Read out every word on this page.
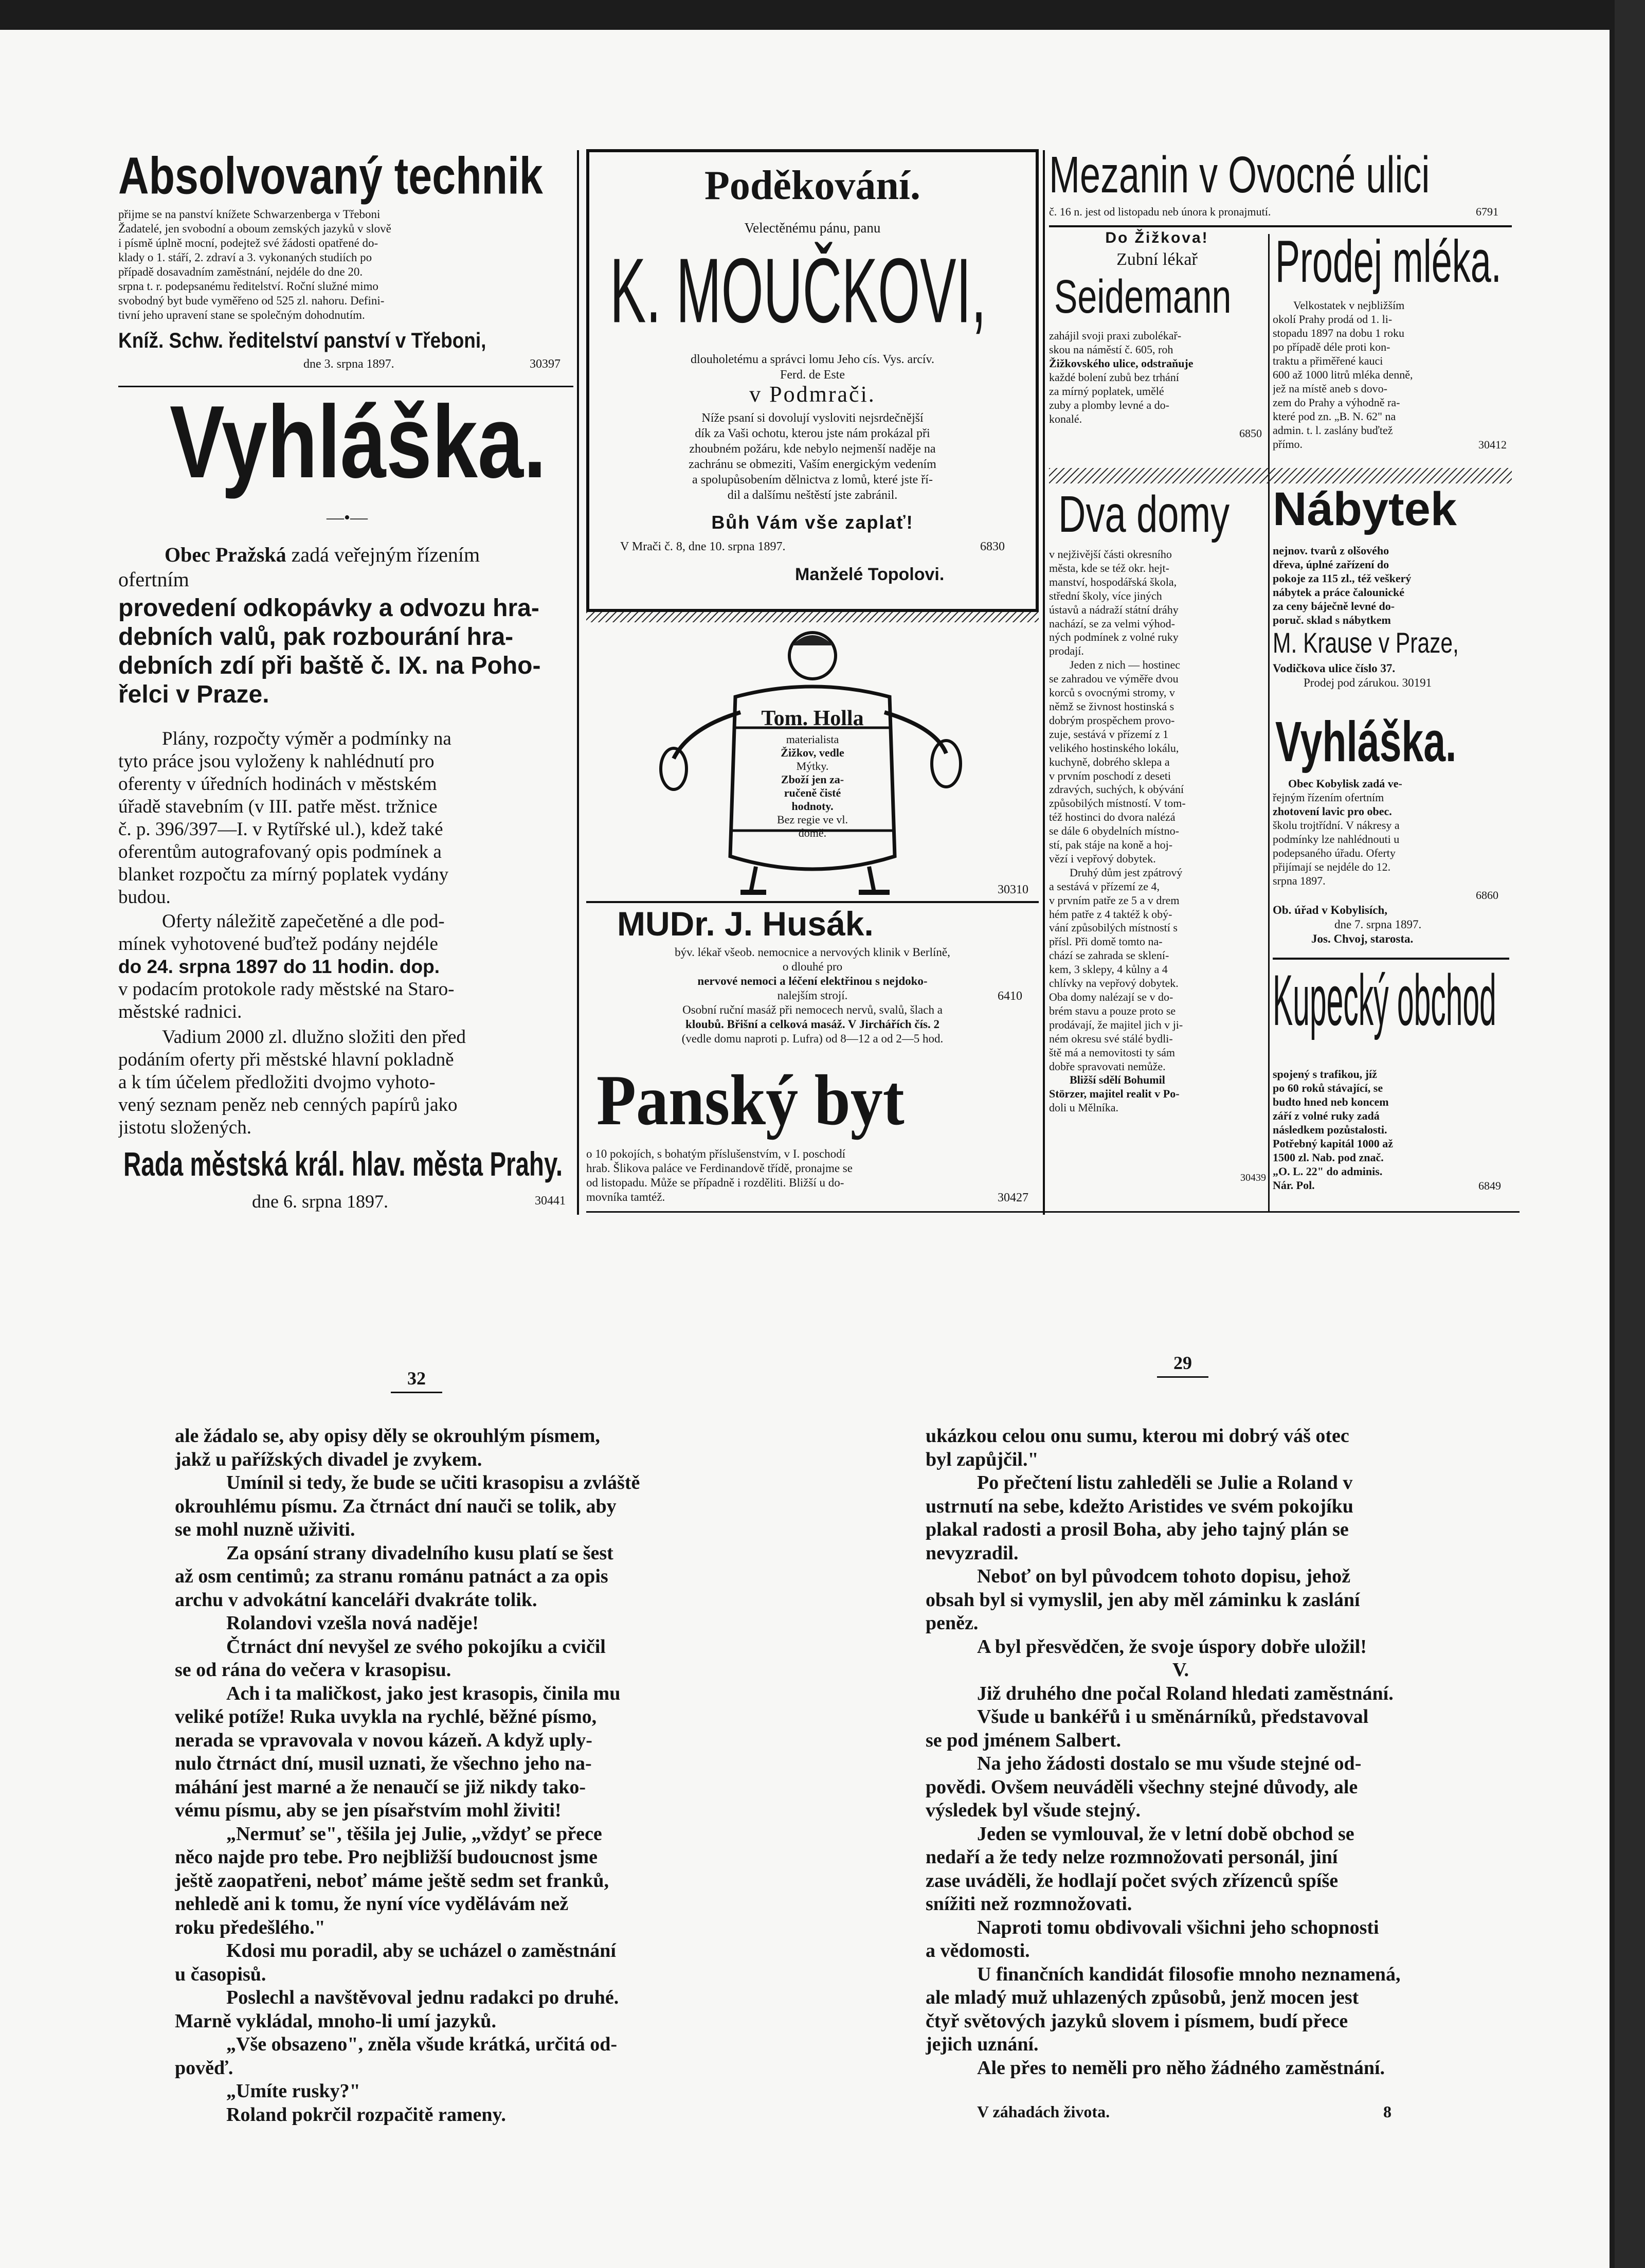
Absolvovaný technik
přijme se na panství knížete Schwarzenberga v Třeboni
Žadatelé, jen svobodní a oboum zemských jazyků v slově
i písmě úplně mocní, podejtež své žádosti opatřené do-
klady o 1. stáří, 2. zdraví a 3. vykonaných studiích po
případě dosavadním zaměstnání, nejdéle do dne 20.
srpna t. r. podepsanému ředitelství. Roční služné mimo
svobodný byt bude vyměřeno od 525 zl. nahoru. Defini-
tivní jeho upravení stane se společným dohodnutím.
Kníž. Schw. ředitelství panství v Třeboni,
dne 3. srpna 1897.	30397
Vyhláška.
—•—
Obec Pražská zadá veřejným řízením
ofertním
provedení odkopávky a odvozu hra-
debních valů, pak rozbourání hra-
debních zdí při baště č. IX. na Poho-
řelci v Praze.
Plány, rozpočty výměr a podmínky na
tyto práce jsou vyloženy k nahlédnutí pro
oferenty v úředních hodinách v městském
úřadě stavebním (v III. patře měst. tržnice
č. p. 396/397—I. v Rytířské ul.), kdež také
oferentům autografovaný opis podmínek a
blanket rozpočtu za mírný poplatek vydány
budou.
Oferty náležitě zapečetěné a dle pod-
mínek vyhotovené buďtež podány nejdéle
do 24. srpna 1897 do 11 hodin. dop.
v podacím protokole rady městské na Staro-
městské radnici.
Vadium 2000 zl. dlužno složiti den před
podáním oferty při městské hlavní pokladně
a k tím účelem předložiti dvojmo vyhoto-
vený seznam peněz neb cenných papírů jako
jistotu složených.
Rada městská král. hlav. města Prahy.
dne 6. srpna 1897.	30441
Poděkování.
Velectěnému pánu, panu
K. MOUČKOVI,
dlouholetému a správci lomu Jeho cís. Vys. arcív.
Ferd. de Este
v Podmrači.
Níže psaní si dovolují vysloviti nejsrdečnější
dík za Vaši ochotu, kterou jste nám prokázal při
zhoubném požáru, kde nebylo nejmenší naděje na
zachránu se obmeziti, Vaším energickým vedením
a spolupůsobením dělnictva z lomů, které jste ří-
dil a dalšímu neštěstí jste zabránil.
Bůh Vám vše zaplať!
V Mrači č. 8, dne 10. srpna 1897.	6830
Manželé Topolovi.
Tom. Holla
materialista
Žižkov, vedle
Mýtky.
Zboží jen za-
ručeně čisté
hodnoty.
Bez regie ve vl.
domě.
30310
MUDr. J. Husák.
býv. lékař všeob. nemocnice a nervových klinik v Berlíně,
o dlouhé pro
nervové nemoci a léčení elektřinou s nejdoko-
nalejším strojí.
Osobní ruční masáž při nemocech nervů, svalů, šlach a
kloubů. Břišní a celková masáž. V Jirchářích čís. 2
(vedle domu naproti p. Lufra) od 8—12 a od 2—5 hod.
6410
Panský byt
o 10 pokojích, s bohatým příslušenstvím, v I. poschodí
hrab. Šlikova paláce ve Ferdinandově třídě, pronajme se
od listopadu. Může se případně i rozděliti. Bližší u do-
movníka tamtéž.	30427
Mezanin v Ovocné ulici
č. 16 n. jest od listopadu neb února k pronajmutí.	6791
Do Žižkova!
Zubní lékař
Seidemann
zahájil svoji praxi zubolékař-
skou na náměstí č. 605, roh
Žižkovského ulice, odstraňuje
každé bolení zubů bez trhání
za mírný poplatek, umělé
zuby a plomby levné a do-
konalé.
6850
Prodej mléka.
Velkostatek v nejbližším
okolí Prahy prodá od 1. li-
stopadu 1897 na dobu 1 roku
po případě déle proti kon-
traktu a přiměřené kauci
600 až 1000 litrů mléka denně,
jež na místě aneb s dovo-
zem do Prahy a výhodně ra-
které pod zn. „B. N. 62" na
admin. t. l. zaslány buďtež
přímo.	30412
Dva domy
v nejživější části okresního
města, kde se též okr. hejt-
manství, hospodářská škola,
střední školy, více jiných
ústavů a nádraží státní dráhy
nachází, se za velmi výhod-
ných podmínek z volné ruky
prodají.
Jeden z nich — hostinec
se zahradou ve výměře dvou
korců s ovocnými stromy, v
němž se živnost hostinská s
dobrým prospěchem provo-
zuje, sestává v přízemí z 1
velikého hostinského lokálu,
kuchyně, dobrého sklepa a
v prvním poschodí z deseti
zdravých, suchých, k obývání
způsobilých místností. V tom-
též hostinci do dvora nalézá
se dále 6 obydelních místno-
stí, pak stáje na koně a hoj-
vězí i vepřový dobytek.
Druhý dům jest zpátrový
a sestává v přízemí ze 4,
v prvním patře ze 5 a v drem
hém patře z 4 taktéž k obý-
vání způsobilých místností s
přísl. Při domě tomto na-
chází se zahrada se sklení-
kem, 3 sklepy, 4 kůlny a 4
chlívky na vepřový dobytek.
Oba domy nalézají se v do-
brém stavu a pouze proto se
prodávají, že majitel jich v ji-
ném okresu své stálé bydli-
ště má a nemovitosti ty sám
dobře spravovati nemůže.
Bližší sdělí Bohumil
Störzer, majitel realit v Po-
doli u Mělníka.
30439
Nábytek
nejnov. tvarů z olšového
dřeva, úplné zařízení do
pokoje za 115 zl., též veškerý
nábytek a práce čalounické
za ceny báječně levné do-
poruč. sklad s nábytkem
M. Krause v Praze,
Vodičkova ulice číslo 37.
Prodej pod zárukou. 30191
Vyhláška.
Obec Kobylisk zadá ve-
řejným řízením ofertním
zhotovení lavic pro obec.
školu trojtřídní. V nákresy a
podmínky lze nahlédnouti u
podepsaného úřadu. Oferty
přijímají se nejdéle do 12.
srpna 1897.
6860
Ob. úřad v Kobylisích,
dne 7. srpna 1897.
Jos. Chvoj, starosta.
Kupecký obchod
spojený s trafikou, jíž
po 60 roků stávající, se
budto hned neb koncem
září z volné ruky zadá
následkem pozůstalosti.
Potřebný kapitál 1000 až
1500 zl. Nab. pod znač.
„O. L. 22" do adminis.
Nár. Pol.	6849
32
ale žádalo se, aby opisy děly se okrouhlým písmem,
jakž u pařížských divadel je zvykem.
Umínil si tedy, že bude se učiti krasopisu a zvláště
okrouhlému písmu. Za čtrnáct dní nauči se tolik, aby
se mohl nuzně uživiti.
Za opsání strany divadelního kusu platí se šest
až osm centimů; za stranu románu patnáct a za opis
archu v advokátní kanceláři dvakráte tolik.
Rolandovi vzešla nová naděje!
Čtrnáct dní nevyšel ze svého pokojíku a cvičil
se od rána do večera v krasopisu.
Ach i ta maličkost, jako jest krasopis, činila mu
veliké potíže! Ruka uvykla na rychlé, běžné písmo,
nerada se vpravovala v novou kázeň. A když uply-
nulo čtrnáct dní, musil uznati, že všechno jeho na-
máhání jest marné a že nenaučí se již nikdy tako-
vému písmu, aby se jen písařstvím mohl živiti!
„Nermuť se", těšila jej Julie, „vždyť se přece
něco najde pro tebe. Pro nejbližší budoucnost jsme
ještě zaopatřeni, neboť máme ještě sedm set franků,
nehledě ani k tomu, že nyní více vydělávám než
roku předešlého."
Kdosi mu poradil, aby se ucházel o zaměstnání
u časopisů.
Poslechl a navštěvoval jednu radakci po druhé.
Marně vykládal, mnoho-li umí jazyků.
„Vše obsazeno", zněla všude krátká, určitá od-
pověď.
„Umíte rusky?"
Roland pokrčil rozpačitě rameny.
29
ukázkou celou onu sumu, kterou mi dobrý váš otec
byl zapůjčil."
Po přečtení listu zahleděli se Julie a Roland v
ustrnutí na sebe, kdežto Aristides ve svém pokojíku
plakal radosti a prosil Boha, aby jeho tajný plán se
nevyzradil.
Neboť on byl původcem tohoto dopisu, jehož
obsah byl si vymyslil, jen aby měl záminku k zaslání
peněz.
A byl přesvědčen, že svoje úspory dobře uložil!
V.
Již druhého dne počal Roland hledati zaměstnání.
Všude u bankéřů i u směnárníků, představoval
se pod jménem Salbert.
Na jeho žádosti dostalo se mu všude stejné od-
povědi. Ovšem neuváděli všechny stejné důvody, ale
výsledek byl všude stejný.
Jeden se vymlouval, že v letní době obchod se
nedaří a že tedy nelze rozmnožovati personál, jiní
zase uváděli, že hodlají počet svých zřízenců spíše
snížiti než rozmnožovati.
Naproti tomu obdivovali všichni jeho schopnosti
a vědomosti.
U finančních kandidát filosofie mnoho neznamená,
ale mladý muž uhlazených způsobů, jenž mocen jest
čtyř světových jazyků slovem i písmem, budí přece
jejich uznání.
Ale přes to neměli pro něho žádného zaměstnání.
V záhadách života.	8
